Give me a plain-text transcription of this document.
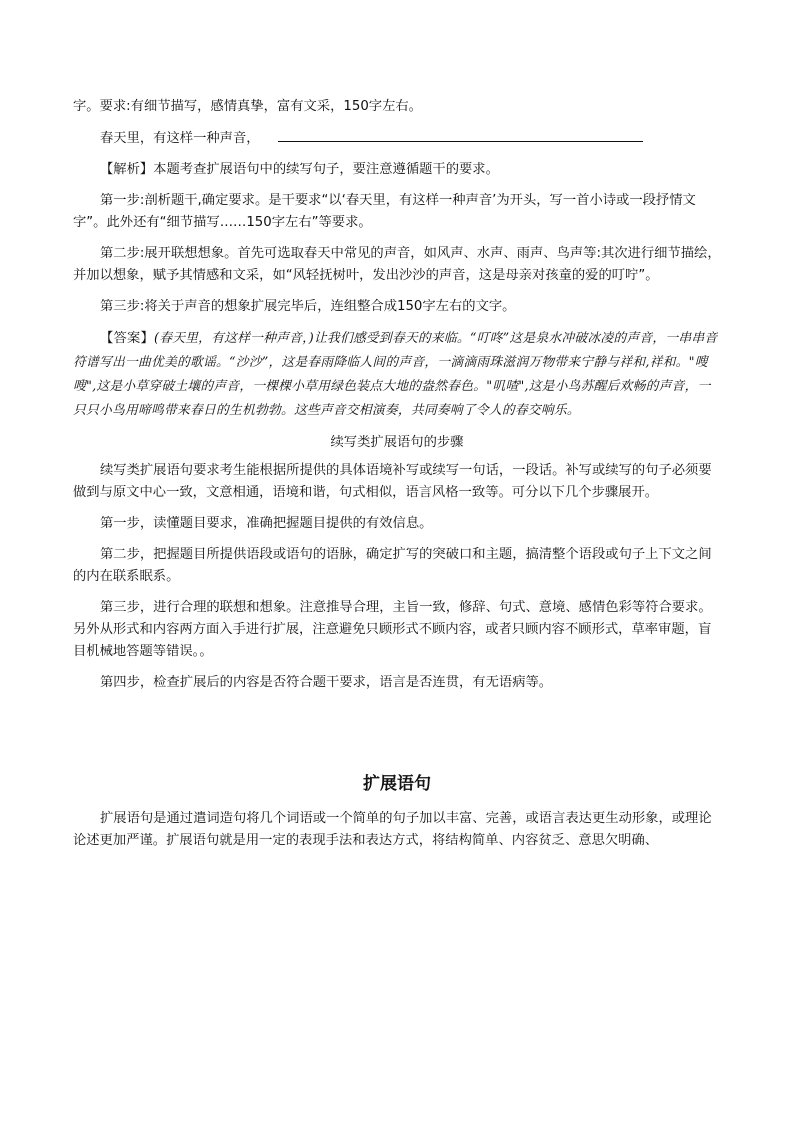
字。要求:有细节描写，感情真挚，富有文采，150字左右。

春天里，有这样一种声音，

【解析】本题考查扩展语句中的续写句子，要注意遵循题干的要求。

第一步:剖析题干,确定要求。是干要求“以‘春天里，有这样一种声音’为开头，写一首小诗或一段抒情文字”。此外还有“细节描写……150字左右”等要求。

第二步:展开联想想象。首先可选取春天中常见的声音，如风声、水声、雨声、鸟声等:其次进行细节描绘，并加以想象，赋予其情感和文采，如“风轻抚树叶，发出沙沙的声音，这是母亲对孩童的爱的叮咛”。

第三步:将关于声音的想象扩展完毕后，连组整合成150字左右的文字。

【答案】(春天里，有这样一种声音，)让我们感受到春天的来临。“叮咚”这是泉水冲破冰凌的声音，一串串音符谱写出一曲优美的歌谣。“沙沙”，这是春雨降临人间的声音，一滴滴雨珠滋润万物带来宁静与祥和,祥和。"嗖嗖",这是小草穿破土壤的声音，一棵棵小草用绿色装点大地的盎然春色。"叽喳",这是小鸟苏醒后欢畅的声音，一只只小鸟用啼鸣带来春日的生机勃勃。这些声音交相演奏，共同奏响了令人的春交响乐。

续写类扩展语句的步骤

续写类扩展语句要求考生能根据所提供的具体语境补写或续写一句话，一段话。补写或续写的句子必须要做到与原文中心一致，文意相通，语境和谐，句式相似，语言风格一致等。可分以下几个步骤展开。

第一步，读懂题目要求，准确把握题目提供的有效信息。

第二步，把握题目所提供语段或语句的语脉，确定扩写的突破口和主题，搞清整个语段或句子上下文之间的内在联系眠系。

第三步，进行合理的联想和想象。注意推导合理，主旨一致，修辞、句式、意境、感情色彩等符合要求。另外从形式和内容两方面入手进行扩展，注意避免只顾形式不顾内容，或者只顾内容不顾形式，草率审题，盲目机械地答题等错误。。

第四步，检查扩展后的内容是否符合题干要求，语言是否连贯，有无语病等。

扩展语句

扩展语句是通过遣词造句将几个词语或一个简单的句子加以丰富、完善，或语言表达更生动形象，或理论论述更加严谨。扩展语句就是用一定的表现手法和表达方式，将结构简单、内容贫乏、意思欠明确、
